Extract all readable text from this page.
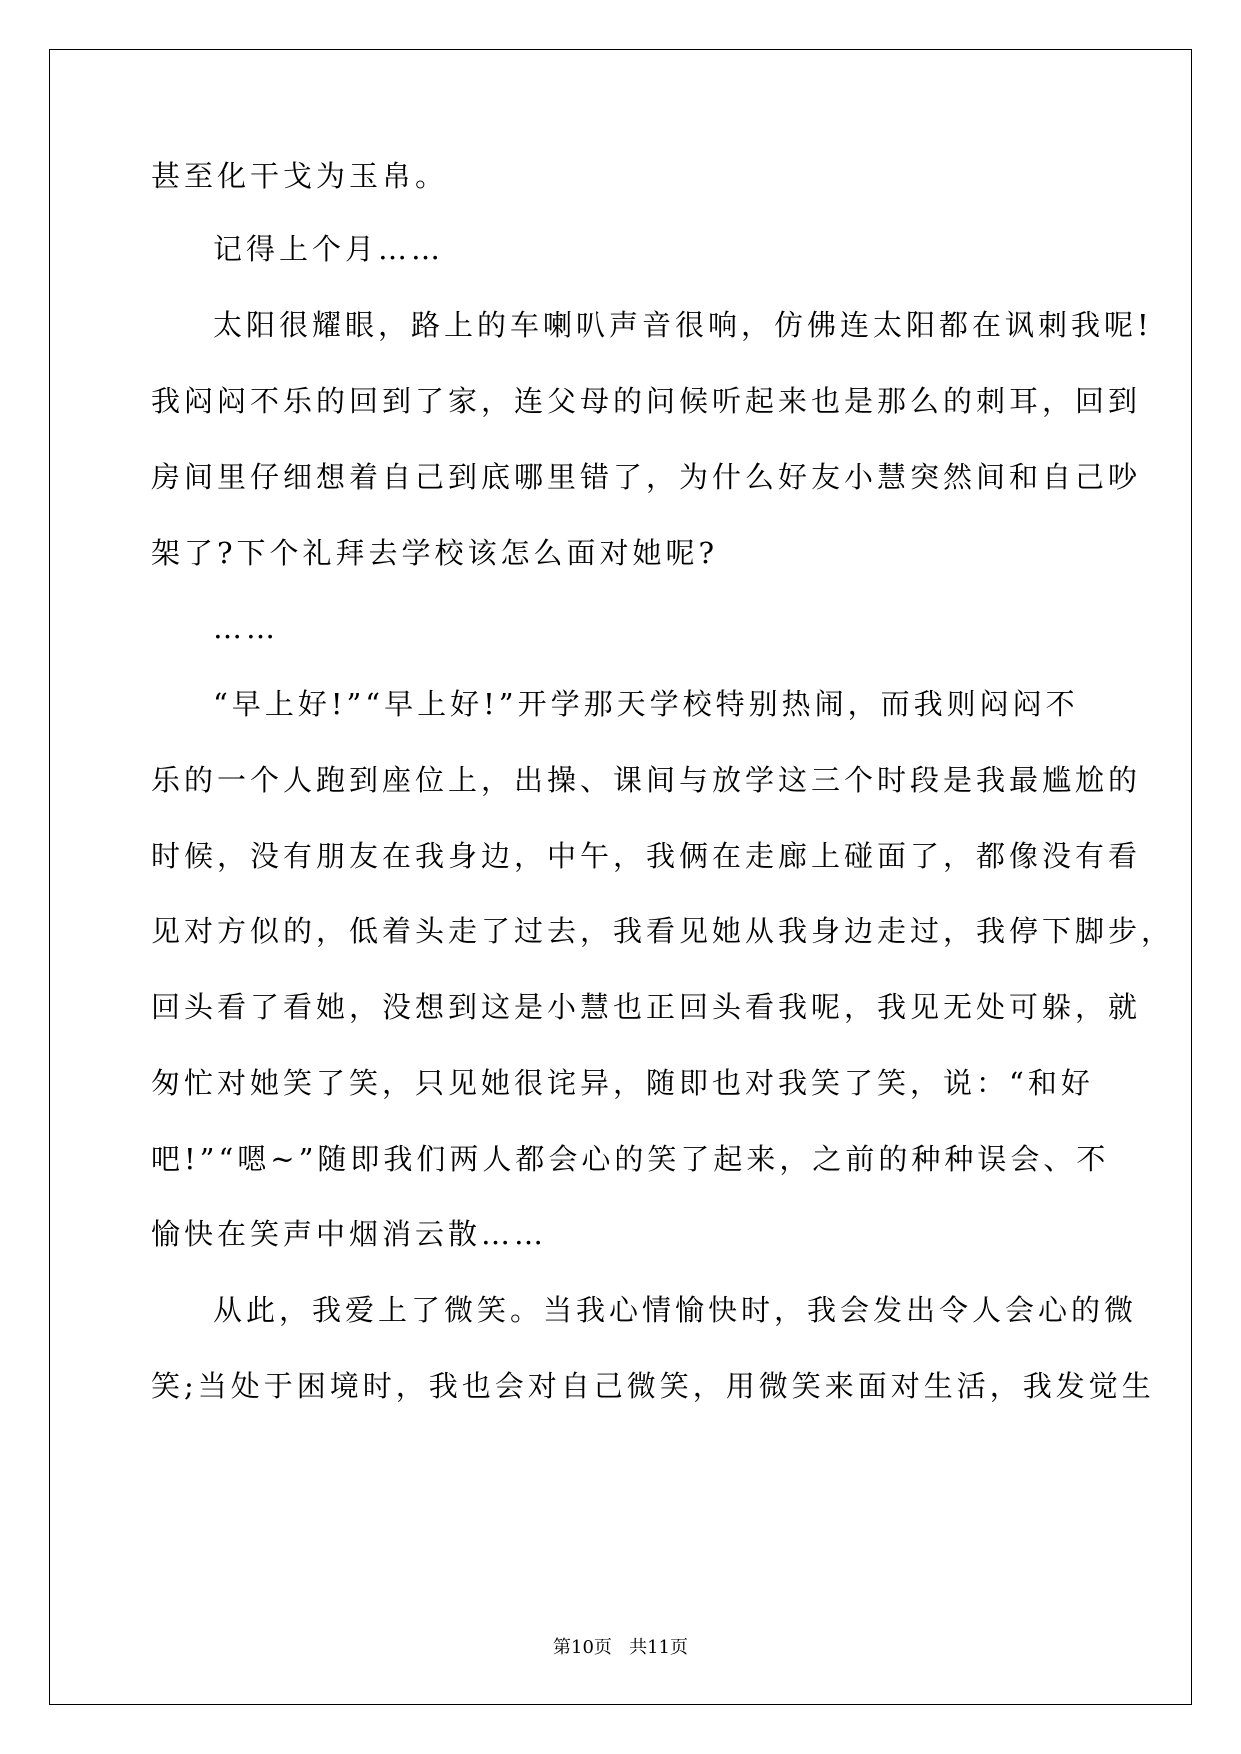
甚至化干戈为玉帛。
记得上个月……
太阳很耀眼，路上的车喇叭声音很响，仿佛连太阳都在讽刺我呢!
我闷闷不乐的回到了家，连父母的问候听起来也是那么的刺耳，回到
房间里仔细想着自己到底哪里错了，为什么好友小慧突然间和自己吵
架了?下个礼拜去学校该怎么面对她呢?
……
“早上好!”“早上好!”开学那天学校特别热闹，而我则闷闷不
乐的一个人跑到座位上，出操、课间与放学这三个时段是我最尴尬的
时候，没有朋友在我身边，中午，我俩在走廊上碰面了，都像没有看
见对方似的，低着头走了过去，我看见她从我身边走过，我停下脚步，
回头看了看她，没想到这是小慧也正回头看我呢，我见无处可躲，就
匆忙对她笑了笑，只见她很诧异，随即也对我笑了笑，说：“和好
吧!”“嗯~”随即我们两人都会心的笑了起来，之前的种种误会、不
愉快在笑声中烟消云散……
从此，我爱上了微笑。当我心情愉快时，我会发出令人会心的微
笑;当处于困境时，我也会对自己微笑，用微笑来面对生活，我发觉生
第10页 共11页
